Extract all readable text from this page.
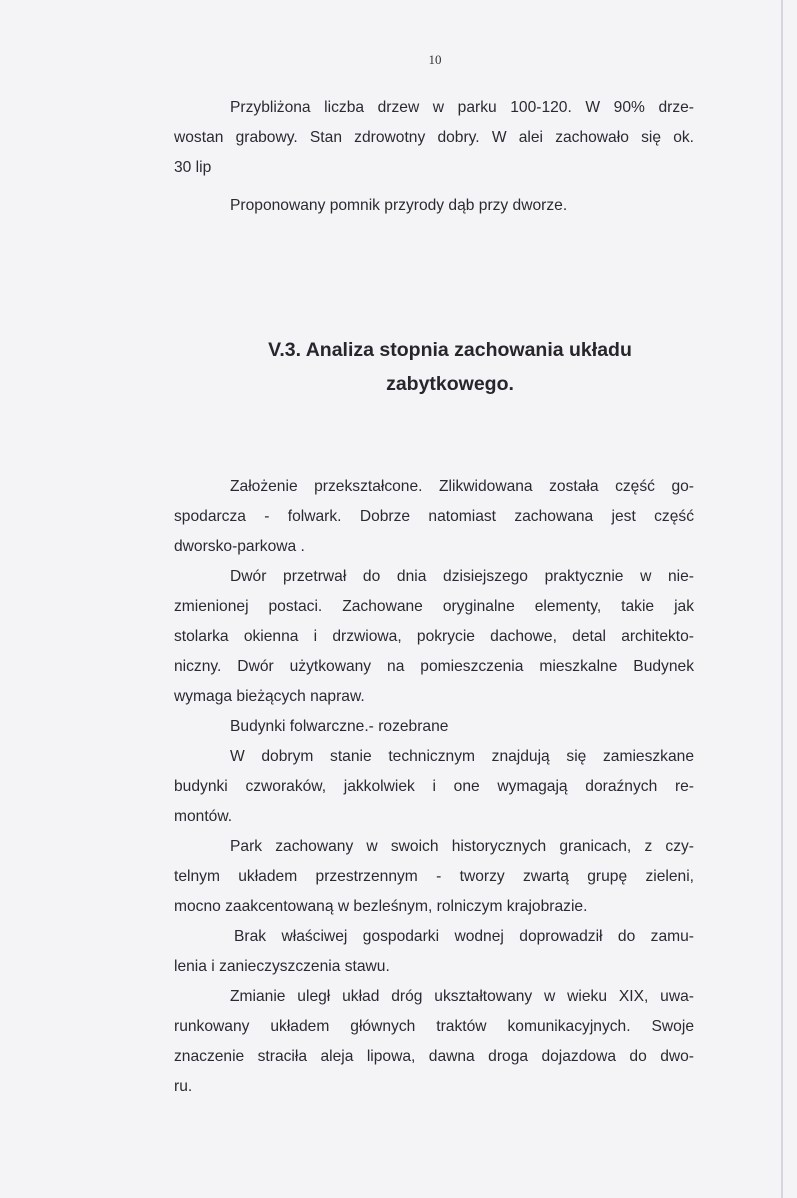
10
Przybliżona liczba drzew w parku 100-120. W 90% drze-
wostan grabowy. Stan zdrowotny dobry. W alei zachowało się ok.
30 lip
Proponowany pomnik przyrody dąb przy dworze.
V.3. Analiza stopnia zachowania układu
zabytkowego.
Założenie przekształcone. Zlikwidowana została część go-
spodarcza - folwark. Dobrze natomiast zachowana jest część
dworsko-parkowa .
Dwór przetrwał do dnia dzisiejszego praktycznie w nie-
zmienionej postaci. Zachowane oryginalne elementy, takie jak
stolarka okienna i drzwiowa, pokrycie dachowe, detal architekto-
niczny. Dwór użytkowany na pomieszczenia mieszkalne Budynek
wymaga bieżących napraw.
Budynki folwarczne.- rozebrane
W dobrym stanie technicznym znajdują się zamieszkane
budynki czworaków, jakkolwiek i one wymagają doraźnych re-
montów.
Park zachowany w swoich historycznych granicach, z czy-
telnym układem przestrzennym - tworzy zwartą grupę zieleni,
mocno zaakcentowaną w bezleśnym, rolniczym krajobrazie.
Brak właściwej gospodarki wodnej doprowadził do zamu-
lenia i zanieczyszczenia stawu.
Zmianie uległ układ dróg ukształtowany w wieku XIX, uwa-
runkowany układem głównych traktów komunikacyjnych. Swoje
znaczenie straciła aleja lipowa, dawna droga dojazdowa do dwo-
ru.
